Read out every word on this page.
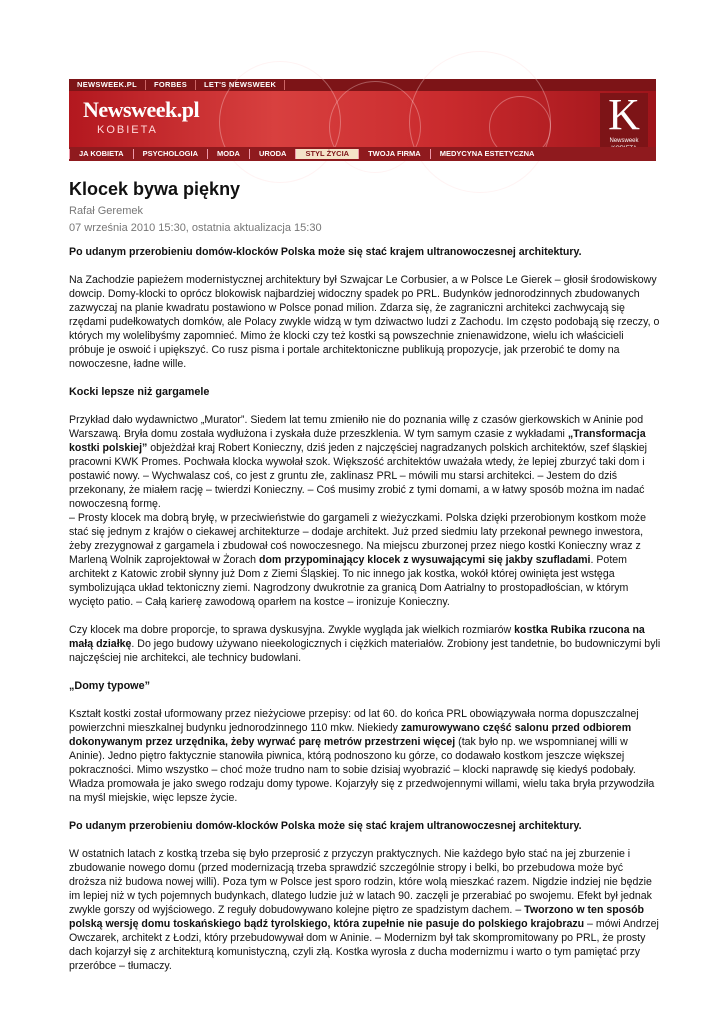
NEWSWEEK.PL	FORBES	LET'S NEWSWEEK
Newsweek.pl
KOBIETA	K
Newsweek
JA KOBIETA	PSYCHOLOGIA	MODA	URODA	STYL ŻYCIA	TWOJA FIRMA	MEDYCYNA ESTETYCZNA
Klocek bywa piękny
Rafał Geremek
07 września 2010 15:30, ostatnia aktualizacja 15:30

Po udanym przerobieniu domów-klocków Polska może się stać krajem ultranowoczesnej architektury.

Na Zachodzie papieżem modernistycznej architektury był Szwajcar Le Corbusier, a w Polsce Le Gierek – głosił środowiskowy dowcip. Domy-klocki to oprócz blokowisk najbardziej widoczny spadek po PRL. Budynków jednorodzinnych zbudowanych zazwyczaj na planie kwadratu postawiono w Polsce ponad milion. Zdarza się, że zagraniczni architekci zachwycają się rzędami pudełkowatych domków, ale Polacy zwykle widzą w tym dziwactwo ludzi z Zachodu. Im często podobają się rzeczy, o których my wolelibyśmy zapomnieć. Mimo że klocki czy też kostki są powszechnie znienawidzone, wielu ich właścicieli próbuje je oswoić i upiększyć. Co rusz pisma i portale architektoniczne publikują propozycje, jak przerobić te domy na nowoczesne, ładne wille.

Kocki lepsze niż gargamele

Przykład dało wydawnictwo „Murator”. Siedem lat temu zmieniło nie do poznania willę z czasów gierkowskich w Aninie pod Warszawą. Bryła domu została wydłużona i zyskała duże przeszklenia. W tym samym czasie z wykładami „Transformacja kostki polskiej” objeżdżał kraj Robert Konieczny, dziś jeden z najczęściej nagradzanych polskich architektów, szef śląskiej pracowni KWK Promes. Pochwała klocka wywołał szok. Większość architektów uważała wtedy, że lepiej zburzyć taki dom i postawić nowy. – Wychwalasz coś, co jest z gruntu złe, zaklinasz PRL – mówili mu starsi architekci. – Jestem do dziś przekonany, że miałem rację – twierdzi Konieczny. – Coś musimy zrobić z tymi domami, a w łatwy sposób można im nadać nowoczesną formę.

– Prosty klocek ma dobrą bryłę, w przeciwieństwie do gargameli z wieżyczkami. Polska dzięki przerobionym kostkom może stać się jednym z krajów o ciekawej architekturze – dodaje architekt. Już przed siedmiu laty przekonał pewnego inwestora, żeby zrezygnował z gargamela i zbudował coś nowoczesnego. Na miejscu zburzonej przez niego kostki Konieczny wraz z Marleną Wolnik zaprojektował w Żorach dom przypominający klocek z wysuwającymi się jakby szufladami. Potem architekt z Katowic zrobił słynny już Dom z Ziemi Śląskiej. To nic innego jak kostka, wokół której owinięta jest wstęga symbolizująca układ tektoniczny ziemi. Nagrodzony dwukrotnie za granicą Dom Aatrialny to prostopadłościan, w którym wycięto patio. – Całą karierę zawodową oparłem na kostce – ironizuje Konieczny.

Czy klocek ma dobre proporcje, to sprawa dyskusyjna. Zwykle wygląda jak wielkich rozmiarów kostka Rubika rzucona na małą działkę. Do jego budowy używano nieekologicznych i ciężkich materiałów. Zrobiony jest tandetnie, bo budowniczymi byli najczęściej nie architekci, ale technicy budowlani.

„Domy typowe”

Kształt kostki został uformowany przez nieżyciowe przepisy: od lat 60. do końca PRL obowiązywała norma dopuszczalnej powierzchni mieszkalnej budynku jednorodzinnego 110 mkw. Niekiedy zamurowywano część salonu przed odbiorem dokonywanym przez urzędnika, żeby wyrwać parę metrów przestrzeni więcej (tak było np. we wspomnianej willi w Aninie). Jedno piętro faktycznie stanowiła piwnica, którą podnoszono ku górze, co dodawało kostkom jeszcze większej pokraczności. Mimo wszystko – choć może trudno nam to sobie dzisiaj wyobrazić – klocki naprawdę się kiedyś podobały. Władza promowała je jako swego rodzaju domy typowe. Kojarzyły się z przedwojennymi willami, wielu taka bryła przywodziła na myśl miejskie, więc lepsze życie.

Po udanym przerobieniu domów-klocków Polska może się stać krajem ultranowoczesnej architektury.

W ostatnich latach z kostką trzeba się było przeprosić z przyczyn praktycznych. Nie każdego było stać na jej zburzenie i zbudowanie nowego domu (przed modernizacją trzeba sprawdzić szczególnie stropy i belki, bo przebudowa może być droższa niż budowa nowej willi). Poza tym w Polsce jest sporo rodzin, które wolą mieszkać razem. Nigdzie indziej nie będzie im lepiej niż w tych pojemnych budynkach, dlatego ludzie już w latach 90. zaczęli je przerabiać po swojemu. Efekt był jednak zwykle gorszy od wyjściowego. Z reguły dobudowywano kolejne piętro ze spadzistym dachem. – Tworzono w ten sposób polską wersję domu toskańskiego bądź tyrolskiego, która zupełnie nie pasuje do polskiego krajobrazu – mówi Andrzej Owczarek, architekt z Łodzi, który przebudowywał dom w Aninie. – Modernizm był tak skompromitowany po PRL, że prosty dach kojarzył się z architekturą komunistyczną, czyli złą. Kostka wyrosła z ducha modernizmu i warto o tym pamiętać przy przeróbce – tłumaczy.
